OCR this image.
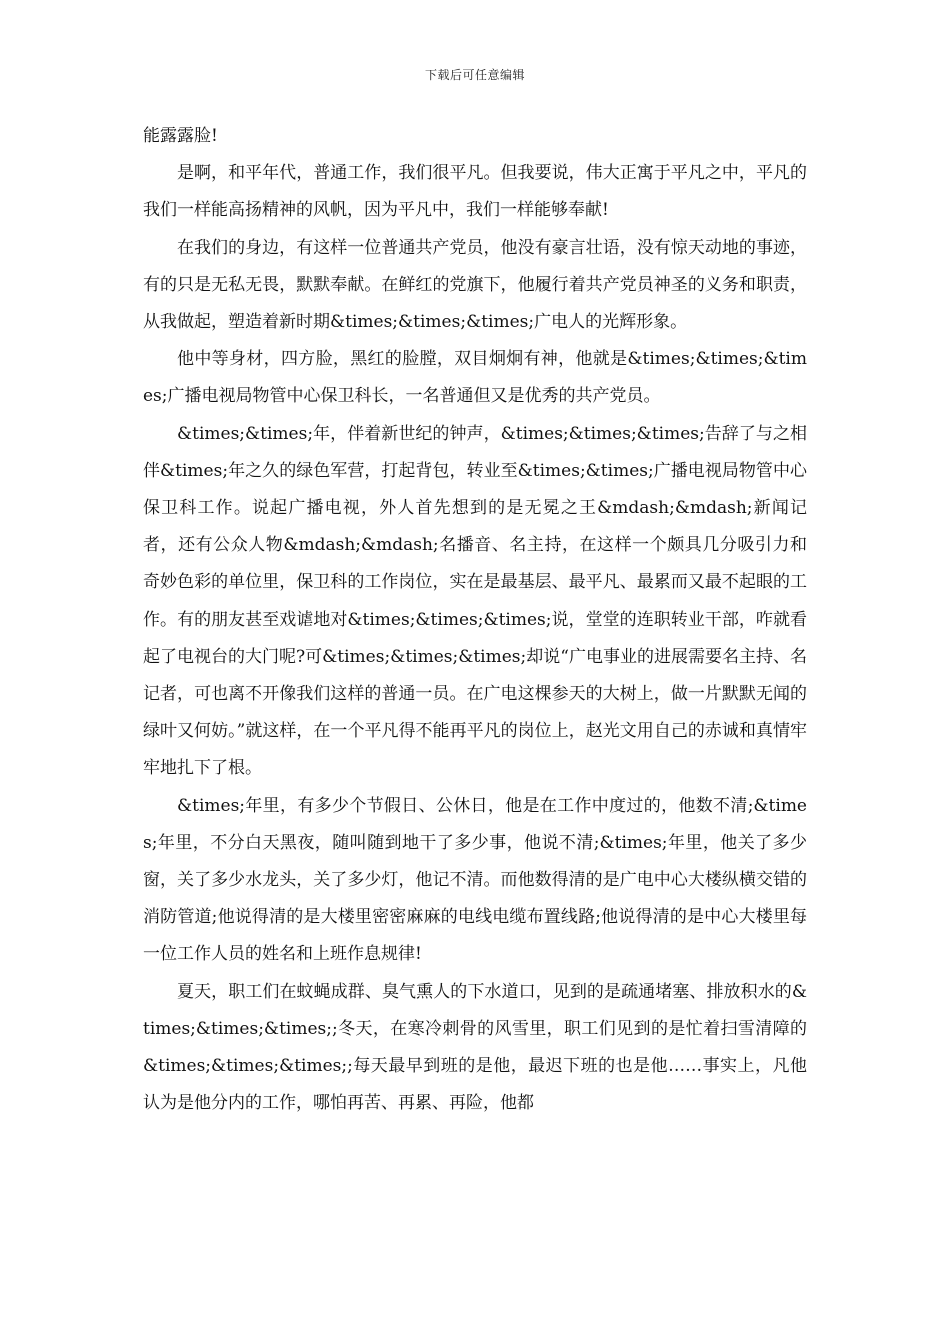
下载后可任意编辑

能露露脸!

是啊，和平年代，普通工作，我们很平凡。但我要说，伟大正寓于平凡之中，平凡的我们一样能高扬精神的风帆，因为平凡中，我们一样能够奉献!

在我们的身边，有这样一位普通共产党员，他没有豪言壮语，没有惊天动地的事迹，有的只是无私无畏，默默奉献。在鲜红的党旗下，他履行着共产党员神圣的义务和职责，从我做起，塑造着新时期&times;&times;&times;广电人的光辉形象。

他中等身材，四方脸，黑红的脸膛，双目炯炯有神，他就是&times;&times;&times;广播电视局物管中心保卫科长，一名普通但又是优秀的共产党员。

&times;&times;年，伴着新世纪的钟声，&times;&times;&times;告辞了与之相伴&times;年之久的绿色军营，打起背包，转业至&times;&times;广播电视局物管中心保卫科工作。说起广播电视，外人首先想到的是无冕之王&mdash;&mdash;新闻记者，还有公众人物&mdash;&mdash;名播音、名主持，在这样一个颇具几分吸引力和奇妙色彩的单位里，保卫科的工作岗位，实在是最基层、最平凡、最累而又最不起眼的工作。有的朋友甚至戏谑地对&times;&times;&times;说，堂堂的连职转业干部，咋就看起了电视台的大门呢?可&times;&times;&times;却说“广电事业的进展需要名主持、名记者，可也离不开像我们这样的普通一员。在广电这棵参天的大树上，做一片默默无闻的绿叶又何妨。”就这样，在一个平凡得不能再平凡的岗位上，赵光文用自己的赤诚和真情牢牢地扎下了根。

&times;年里，有多少个节假日、公休日，他是在工作中度过的，他数不清;&times;年里，不分白天黑夜，随叫随到地干了多少事，他说不清;&times;年里，他关了多少窗，关了多少水龙头，关了多少灯，他记不清。而他数得清的是广电中心大楼纵横交错的消防管道;他说得清的是大楼里密密麻麻的电线电缆布置线路;他说得清的是中心大楼里每一位工作人员的姓名和上班作息规律!

夏天，职工们在蚊蝇成群、臭气熏人的下水道口，见到的是疏通堵塞、排放积水的&times;&times;&times;;冬天，在寒冷刺骨的风雪里，职工们见到的是忙着扫雪清障的&times;&times;&times;;每天最早到班的是他，最迟下班的也是他……事实上，凡他认为是他分内的工作，哪怕再苦、再累、再险，他都
